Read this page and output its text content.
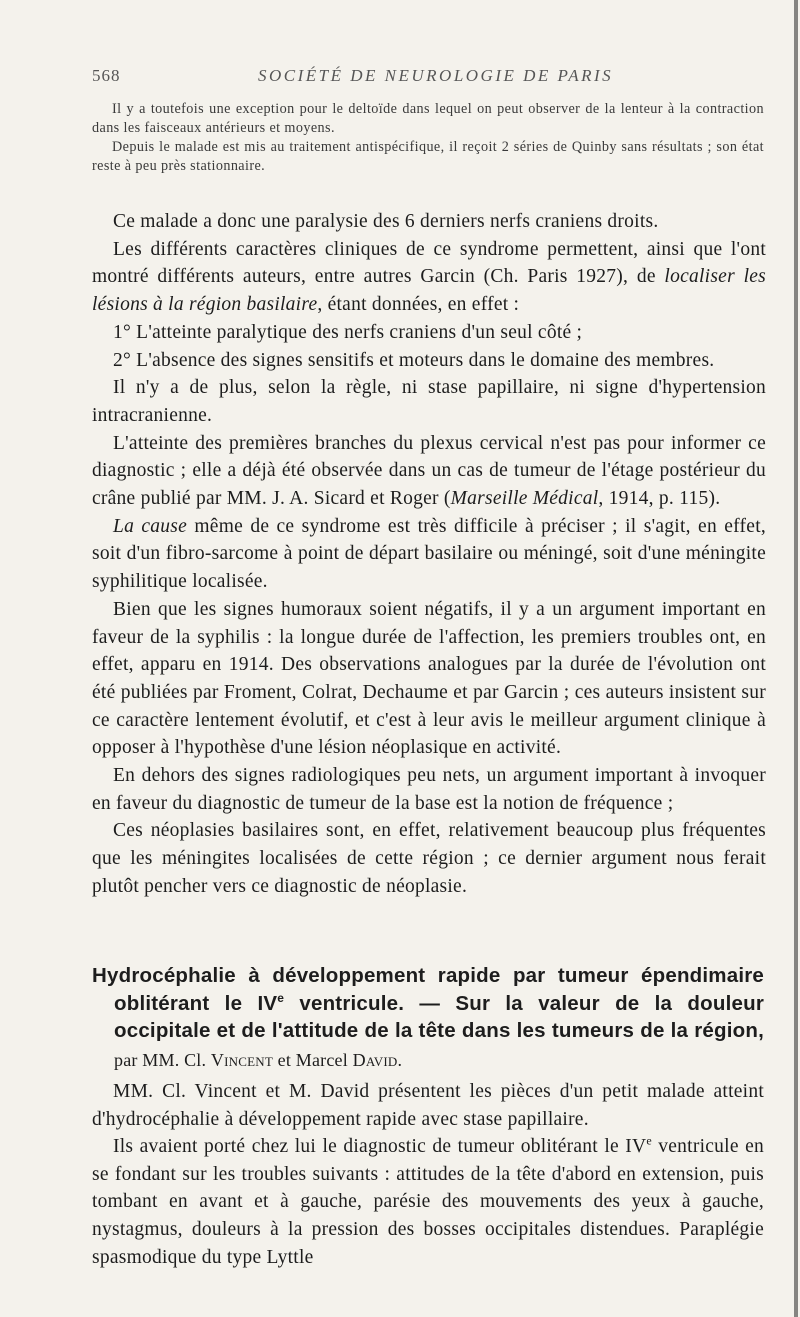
568	SOCIÉTÉ DE NEUROLOGIE DE PARIS

Il y a toutefois une exception pour le deltoïde dans lequel on peut observer de la lenteur à la contraction dans les faisceaux antérieurs et moyens.

Depuis le malade est mis au traitement antispécifique, il reçoit 2 séries de Quinby sans résultats ; son état reste à peu près stationnaire.

Ce malade a donc une paralysie des 6 derniers nerfs craniens droits.

Les différents caractères cliniques de ce syndrome permettent, ainsi que l'ont montré différents auteurs, entre autres Garcin (Ch. Paris 1927), de localiser les lésions à la région basilaire, étant données, en effet :

1° L'atteinte paralytique des nerfs craniens d'un seul côté ;

2° L'absence des signes sensitifs et moteurs dans le domaine des membres.

Il n'y a de plus, selon la règle, ni stase papillaire, ni signe d'hypertension intracranienne.

L'atteinte des premières branches du plexus cervical n'est pas pour informer ce diagnostic ; elle a déjà été observée dans un cas de tumeur de l'étage postérieur du crâne publié par MM. J. A. Sicard et Roger (Marseille Médical, 1914, p. 115).

La cause même de ce syndrome est très difficile à préciser ; il s'agit, en effet, soit d'un fibro-sarcome à point de départ basilaire ou méningé, soit d'une méningite syphilitique localisée.

Bien que les signes humoraux soient négatifs, il y a un argument important en faveur de la syphilis : la longue durée de l'affection, les premiers troubles ont, en effet, apparu en 1914. Des observations analogues par la durée de l'évolution ont été publiées par Froment, Colrat, Dechaume et par Garcin ; ces auteurs insistent sur ce caractère lentement évolutif, et c'est à leur avis le meilleur argument clinique à opposer à l'hypothèse d'une lésion néoplasique en activité.

En dehors des signes radiologiques peu nets, un argument important à invoquer en faveur du diagnostic de tumeur de la base est la notion de fréquence ;

Ces néoplasies basilaires sont, en effet, relativement beaucoup plus fréquentes que les méningites localisées de cette région ; ce dernier argument nous ferait plutôt pencher vers ce diagnostic de néoplasie.

Hydrocéphalie à développement rapide par tumeur épendimaire oblitérant le IVe ventricule. — Sur la valeur de la douleur occipitale et de l'attitude de la tête dans les tumeurs de la région, par MM. Cl. Vincent et Marcel David.

MM. Cl. Vincent et M. David présentent les pièces d'un petit malade atteint d'hydrocéphalie à développement rapide avec stase papillaire.

Ils avaient porté chez lui le diagnostic de tumeur oblitérant le IVe ventricule en se fondant sur les troubles suivants : attitudes de la tête d'abord en extension, puis tombant en avant et à gauche, parésie des mouvements des yeux à gauche, nystagmus, douleurs à la pression des bosses occipitales distendues. Paraplégie spasmodique du type Lyttle
